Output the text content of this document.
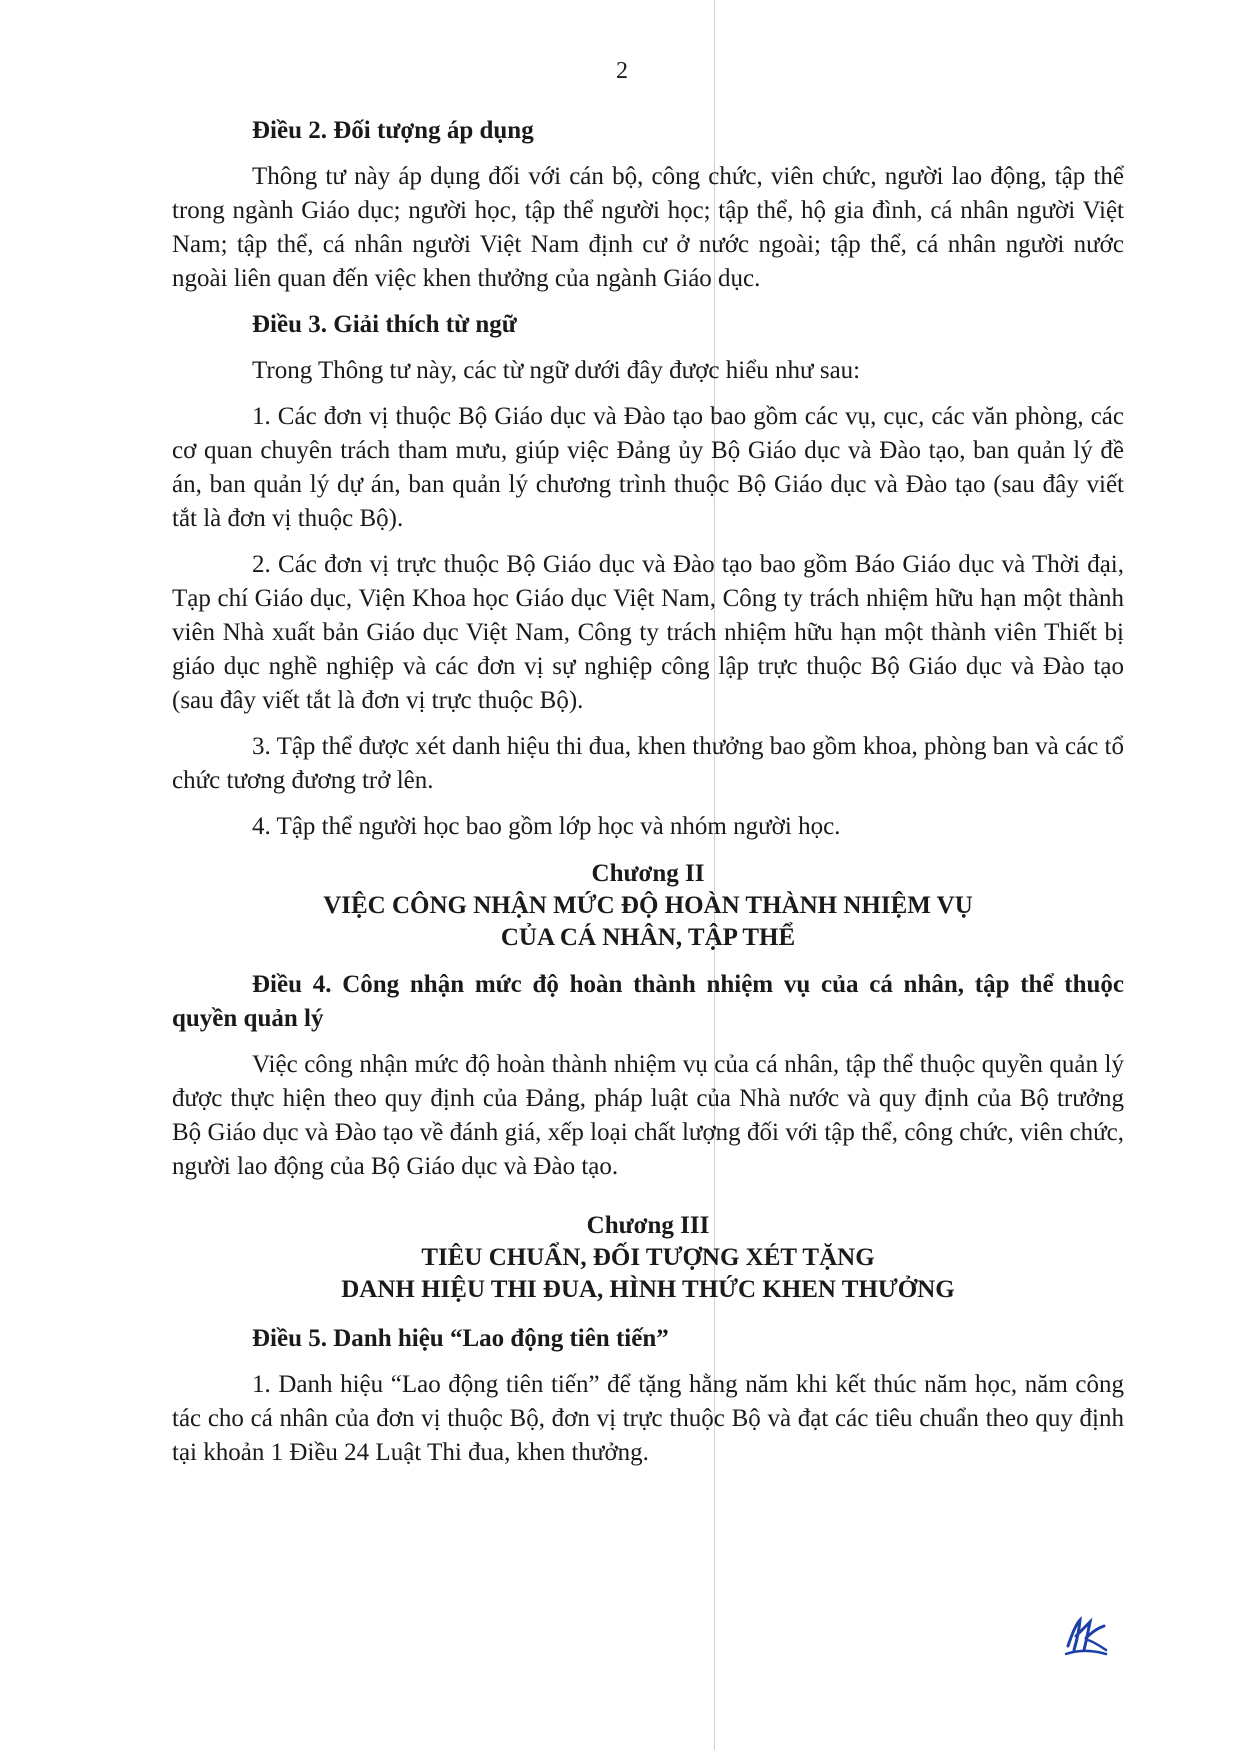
2

Điều 2. Đối tượng áp dụng

Thông tư này áp dụng đối với cán bộ, công chức, viên chức, người lao động, tập thể trong ngành Giáo dục; người học, tập thể người học; tập thể, hộ gia đình, cá nhân người Việt Nam; tập thể, cá nhân người Việt Nam định cư ở nước ngoài; tập thể, cá nhân người nước ngoài liên quan đến việc khen thưởng của ngành Giáo dục.

Điều 3. Giải thích từ ngữ

Trong Thông tư này, các từ ngữ dưới đây được hiểu như sau:

1. Các đơn vị thuộc Bộ Giáo dục và Đào tạo bao gồm các vụ, cục, các văn phòng, các cơ quan chuyên trách tham mưu, giúp việc Đảng ủy Bộ Giáo dục và Đào tạo, ban quản lý đề án, ban quản lý dự án, ban quản lý chương trình thuộc Bộ Giáo dục và Đào tạo (sau đây viết tắt là đơn vị thuộc Bộ).

2. Các đơn vị trực thuộc Bộ Giáo dục và Đào tạo bao gồm Báo Giáo dục và Thời đại, Tạp chí Giáo dục, Viện Khoa học Giáo dục Việt Nam, Công ty trách nhiệm hữu hạn một thành viên Nhà xuất bản Giáo dục Việt Nam, Công ty trách nhiệm hữu hạn một thành viên Thiết bị giáo dục nghề nghiệp và các đơn vị sự nghiệp công lập trực thuộc Bộ Giáo dục và Đào tạo (sau đây viết tắt là đơn vị trực thuộc Bộ).

3. Tập thể được xét danh hiệu thi đua, khen thưởng bao gồm khoa, phòng ban và các tổ chức tương đương trở lên.

4. Tập thể người học bao gồm lớp học và nhóm người học.

Chương II
VIỆC CÔNG NHẬN MỨC ĐỘ HOÀN THÀNH NHIỆM VỤ
CỦA CÁ NHÂN, TẬP THỂ

Điều 4. Công nhận mức độ hoàn thành nhiệm vụ của cá nhân, tập thể thuộc quyền quản lý

Việc công nhận mức độ hoàn thành nhiệm vụ của cá nhân, tập thể thuộc quyền quản lý được thực hiện theo quy định của Đảng, pháp luật của Nhà nước và quy định của Bộ trưởng Bộ Giáo dục và Đào tạo về đánh giá, xếp loại chất lượng đối với tập thể, công chức, viên chức, người lao động của Bộ Giáo dục và Đào tạo.

Chương III
TIÊU CHUẨN, ĐỐI TƯỢNG XÉT TẶNG
DANH HIỆU THI ĐUA, HÌNH THỨC KHEN THƯỞNG

Điều 5. Danh hiệu “Lao động tiên tiến”

1. Danh hiệu “Lao động tiên tiến” để tặng hằng năm khi kết thúc năm học, năm công tác cho cá nhân của đơn vị thuộc Bộ, đơn vị trực thuộc Bộ và đạt các tiêu chuẩn theo quy định tại khoản 1 Điều 24 Luật Thi đua, khen thưởng.
